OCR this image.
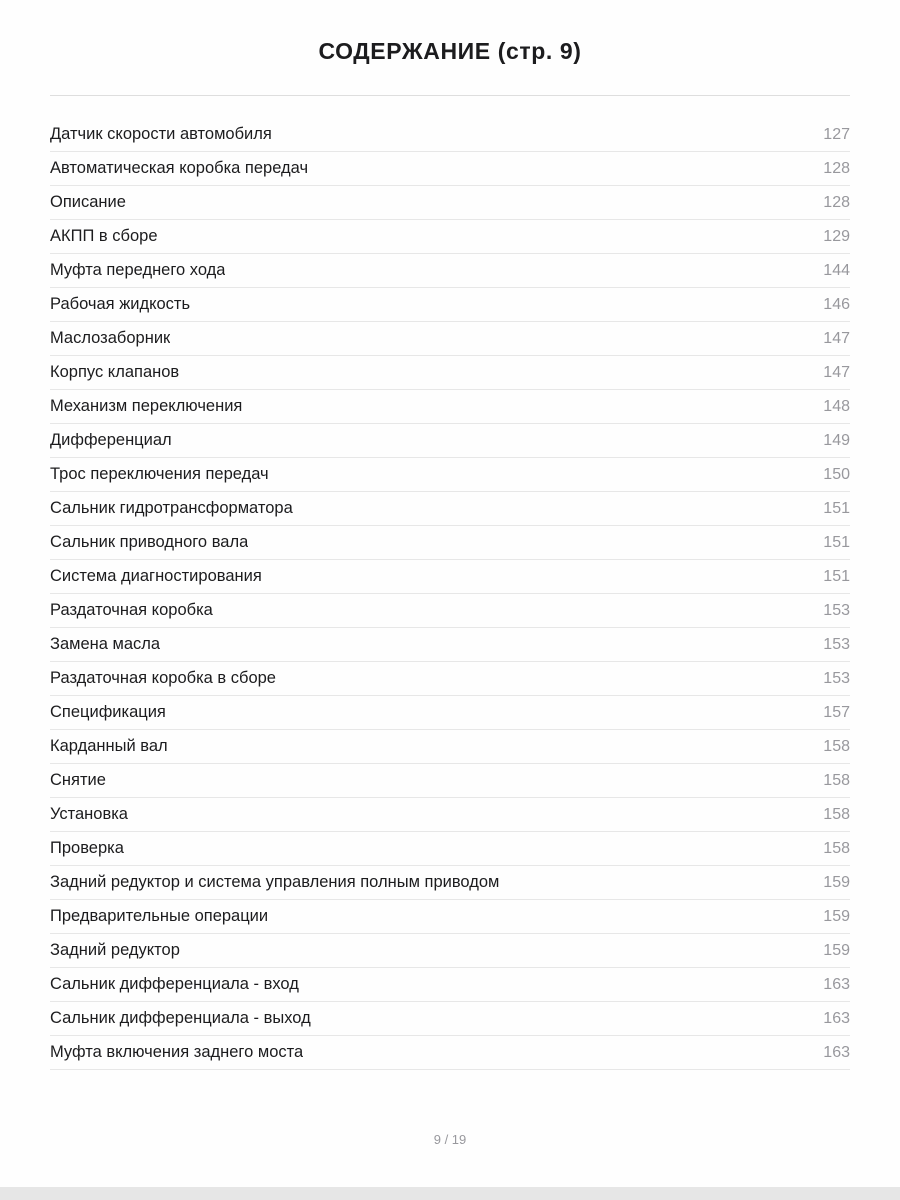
СОДЕРЖАНИЕ (стр. 9)
Датчик скорости автомобиля	127
Автоматическая коробка передач	128
Описание	128
АКПП в сборе	129
Муфта переднего хода	144
Рабочая жидкость	146
Маслозаборник	147
Корпус клапанов	147
Механизм переключения	148
Дифференциал	149
Трос переключения передач	150
Сальник гидротрансформатора	151
Сальник приводного вала	151
Система диагностирования	151
Раздаточная коробка	153
Замена масла	153
Раздаточная коробка в сборе	153
Спецификация	157
Карданный вал	158
Снятие	158
Установка	158
Проверка	158
Задний редуктор и система управления полным приводом	159
Предварительные операции	159
Задний редуктор	159
Сальник дифференциала - вход	163
Сальник дифференциала - выход	163
Муфта включения заднего моста	163
9 / 19
